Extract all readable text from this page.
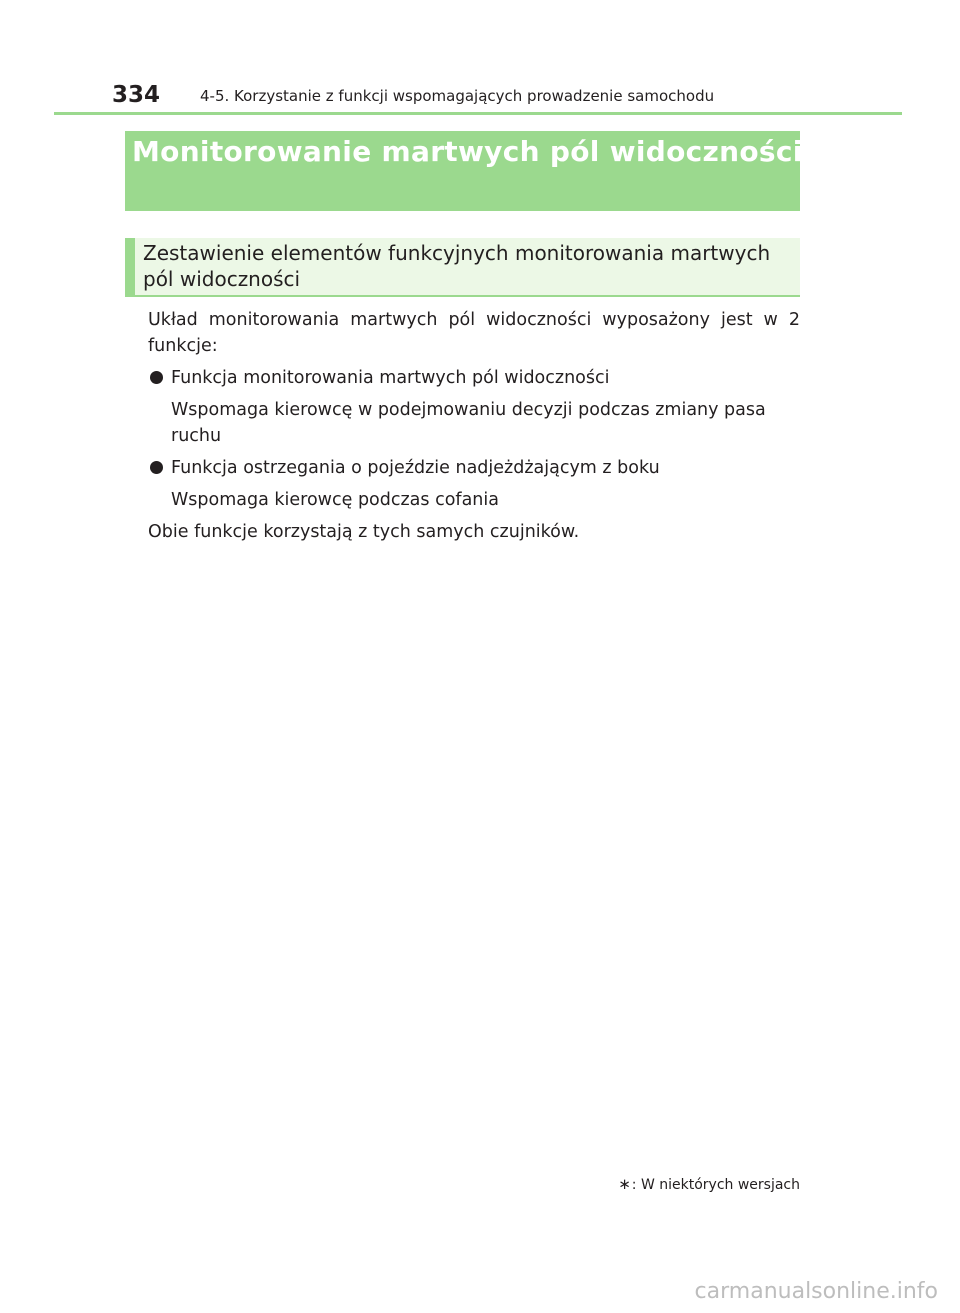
334	4-5. Korzystanie z funkcji wspomagających prowadzenie samochodu
Monitorowanie martwych pól widoczności (BSM) ∗
Zestawienie elementów funkcyjnych monitorowania martwych pól widoczności
Układ monitorowania martwych pól widoczności wyposażony jest w 2 funkcje:
Funkcja monitorowania martwych pól widoczności
Wspomaga kierowcę w podejmowaniu decyzji podczas zmiany pasa ruchu
Funkcja ostrzegania o pojeździe nadjeżdżającym z boku
Wspomaga kierowcę podczas cofania
Obie funkcje korzystają z tych samych czujników.
∗: W niektórych wersjach
carmanualsonline.info
